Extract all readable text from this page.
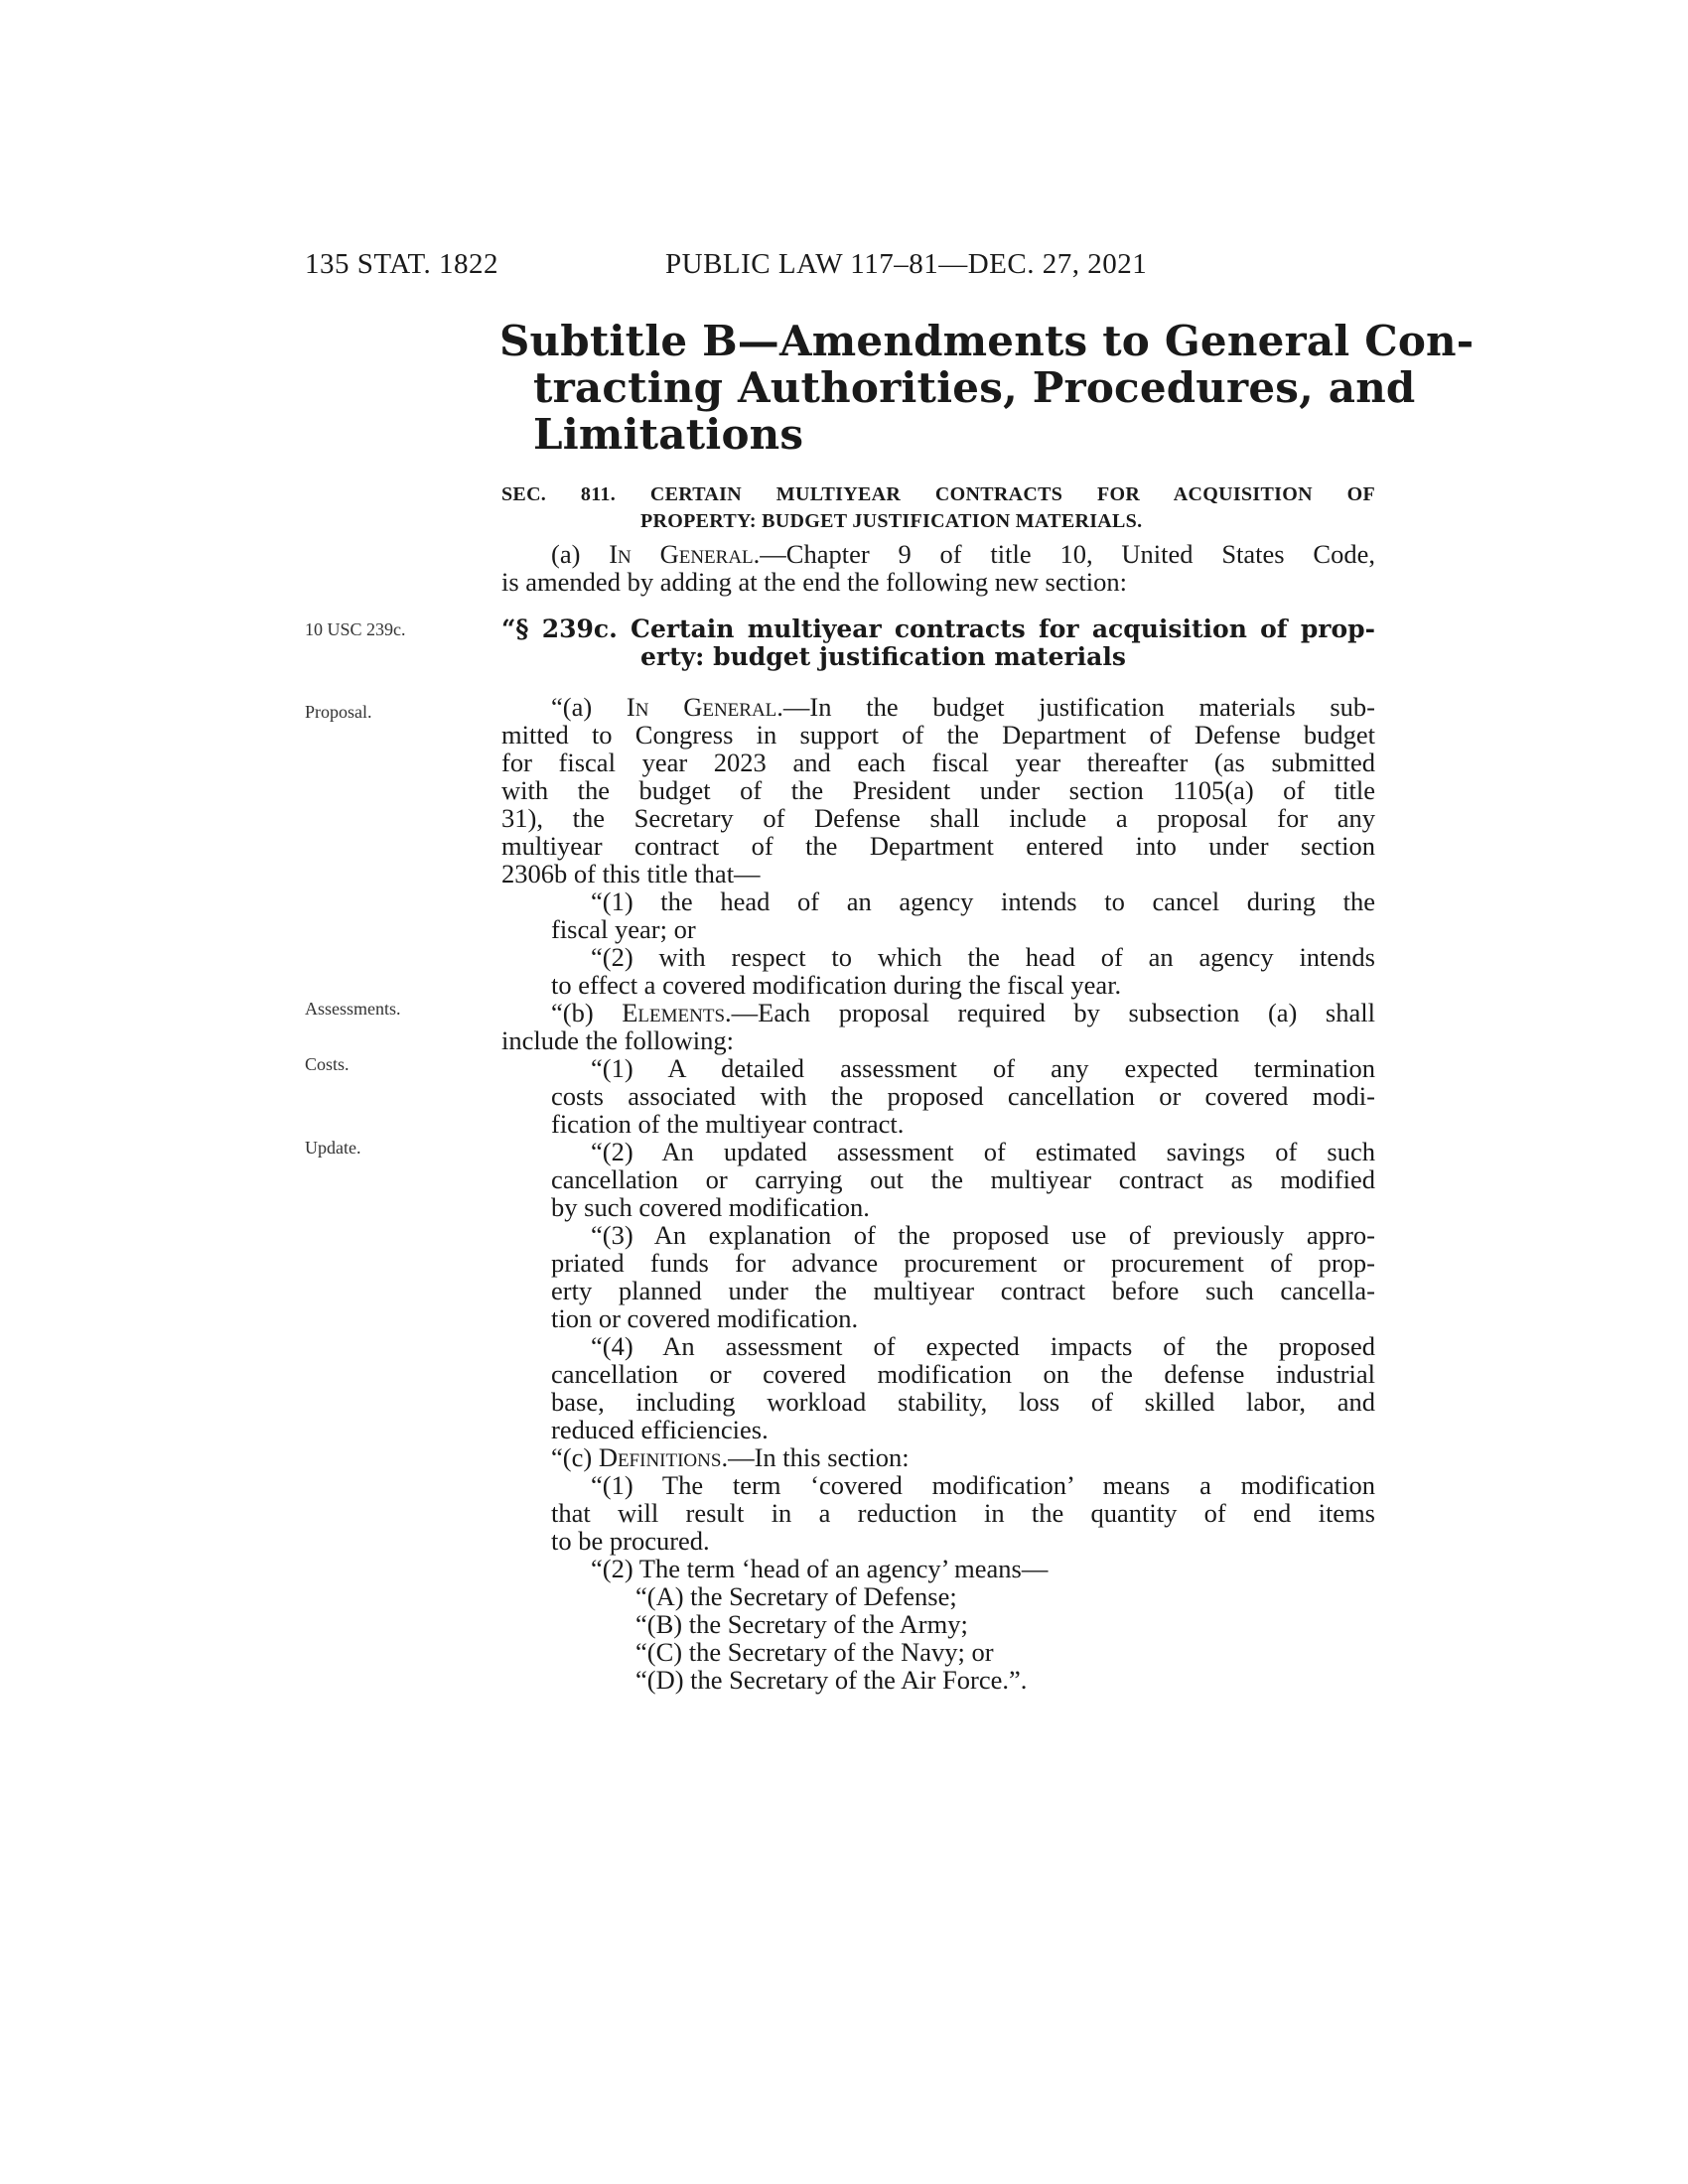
135 STAT. 1822	PUBLIC LAW 117–81—DEC. 27, 2021
Subtitle B—Amendments to General Con-
tracting Authorities, Procedures, and
Limitations
SEC. 811. CERTAIN MULTIYEAR CONTRACTS FOR ACQUISITION OF
PROPERTY: BUDGET JUSTIFICATION MATERIALS.
(a) In General.—Chapter 9 of title 10, United States Code,
is amended by adding at the end the following new section:
10 USC 239c.
Proposal.
Assessments.
Costs.
Update.
“§ 239c. Certain multiyear contracts for acquisition of prop-
erty: budget justification materials
“(a) In General.—In the budget justification materials sub-
mitted to Congress in support of the Department of Defense budget
for fiscal year 2023 and each fiscal year thereafter (as submitted
with the budget of the President under section 1105(a) of title
31), the Secretary of Defense shall include a proposal for any
multiyear contract of the Department entered into under section
2306b of this title that—
“(1) the head of an agency intends to cancel during the
fiscal year; or
“(2) with respect to which the head of an agency intends
to effect a covered modification during the fiscal year.
“(b) Elements.—Each proposal required by subsection (a) shall
include the following:
“(1) A detailed assessment of any expected termination
costs associated with the proposed cancellation or covered modi-
fication of the multiyear contract.
“(2) An updated assessment of estimated savings of such
cancellation or carrying out the multiyear contract as modified
by such covered modification.
“(3) An explanation of the proposed use of previously appro-
priated funds for advance procurement or procurement of prop-
erty planned under the multiyear contract before such cancella-
tion or covered modification.
“(4) An assessment of expected impacts of the proposed
cancellation or covered modification on the defense industrial
base, including workload stability, loss of skilled labor, and
reduced efficiencies.
“(c) Definitions.—In this section:
“(1) The term ‘covered modification’ means a modification
that will result in a reduction in the quantity of end items
to be procured.
“(2) The term ‘head of an agency’ means—
“(A) the Secretary of Defense;
“(B) the Secretary of the Army;
“(C) the Secretary of the Navy; or
“(D) the Secretary of the Air Force.”.
